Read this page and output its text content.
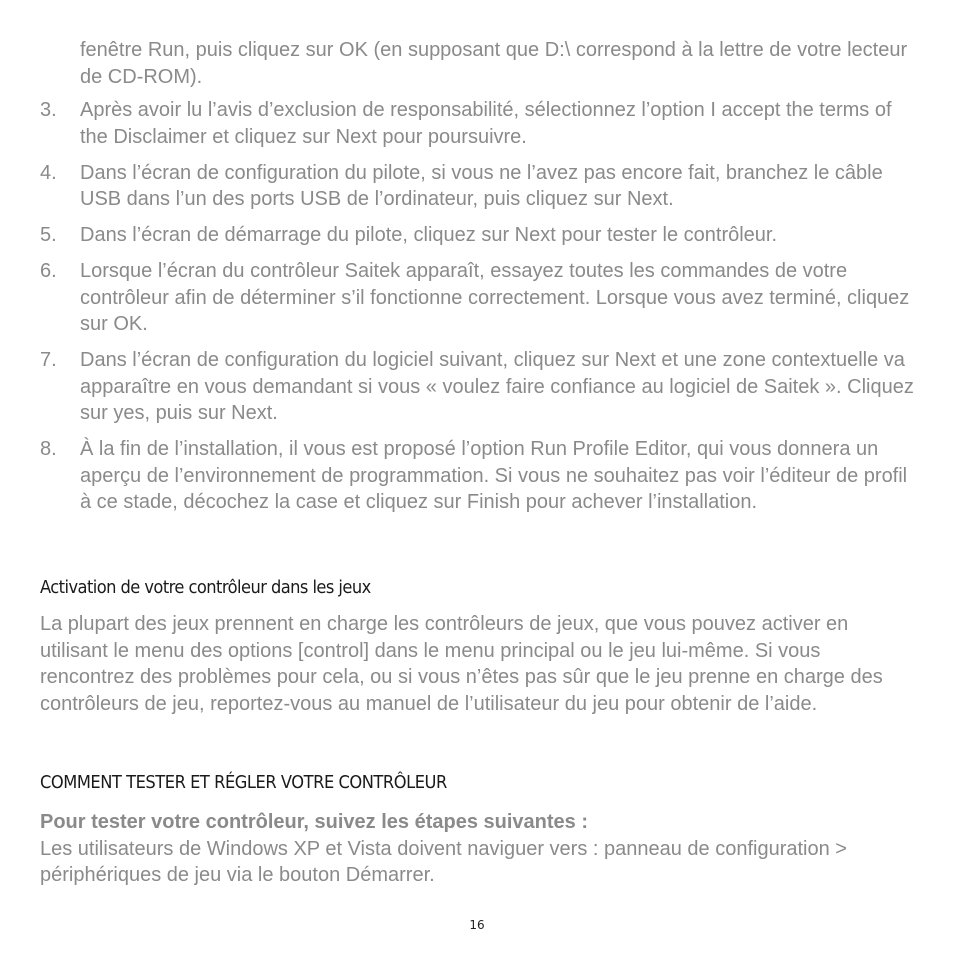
fenêtre Run, puis cliquez sur OK (en supposant que D:\ correspond à la lettre de votre lecteur de CD-ROM).

3. Après avoir lu l’avis d’exclusion de responsabilité, sélectionnez l’option I accept the terms of the Disclaimer et cliquez sur Next pour poursuivre.
4. Dans l’écran de configuration du pilote, si vous ne l’avez pas encore fait, branchez le câble USB dans l’un des ports USB de l’ordinateur, puis cliquez sur Next.
5. Dans l’écran de démarrage du pilote, cliquez sur Next pour tester le contrôleur.
6. Lorsque l’écran du contrôleur Saitek apparaît, essayez toutes les commandes de votre contrôleur afin de déterminer s’il fonctionne correctement. Lorsque vous avez terminé, cliquez sur OK.
7. Dans l’écran de configuration du logiciel suivant, cliquez sur Next et une zone contextuelle va apparaître en vous demandant si vous « voulez faire confiance au logiciel de Saitek ». Cliquez sur yes, puis sur Next.
8. À la fin de l’installation, il vous est proposé l’option Run Profile Editor, qui vous donnera un aperçu de l’environnement de programmation. Si vous ne souhaitez pas voir l’éditeur de profil à ce stade, décochez la case et cliquez sur Finish pour achever l’installation.
Activation de votre contrôleur dans les jeux

La plupart des jeux prennent en charge les contrôleurs de jeux, que vous pouvez activer en utilisant le menu des options [control] dans le menu principal ou le jeu lui-même. Si vous rencontrez des problèmes pour cela, ou si vous n’êtes pas sûr que le jeu prenne en charge des contrôleurs de jeu, reportez-vous au manuel de l’utilisateur du jeu pour obtenir de l’aide.

COMMENT TESTER ET RÉGLER VOTRE CONTRÔLEUR

Pour tester votre contrôleur, suivez les étapes suivantes :
Les utilisateurs de Windows XP et Vista doivent naviguer vers : panneau de configuration > périphériques de jeu via le bouton Démarrer.

16
